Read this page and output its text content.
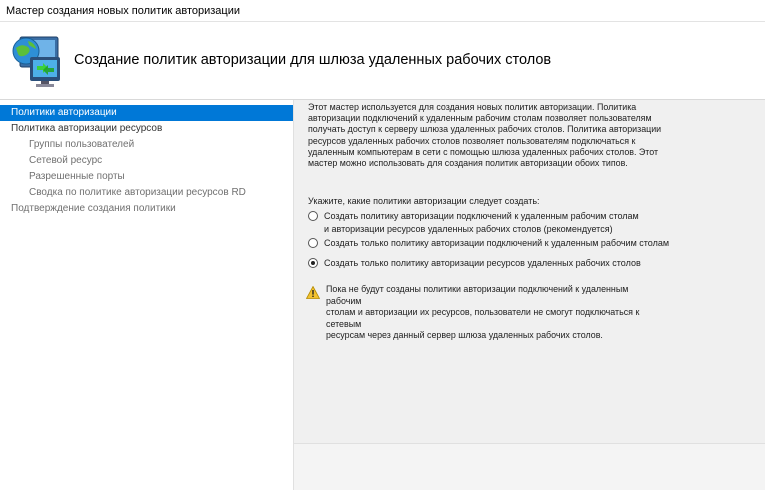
Мастер создания новых политик авторизации
Создание политик авторизации для шлюза удаленных рабочих столов
Политики авторизации
Политика авторизации ресурсов
Группы пользователей
Сетевой ресурс
Разрешенные порты
Сводка по политике авторизации ресурсов RD
Подтверждение создания политики
Этот мастер используется для создания новых политик авторизации. Политика
авторизации подключений к удаленным рабочим столам позволяет пользователям
получать доступ к серверу шлюза удаленных рабочих столов. Политика авторизации
ресурсов удаленных рабочих столов позволяет пользователям подключаться к
удаленным компьютерам в сети с помощью шлюза удаленных рабочих столов. Этот
мастер можно использовать для создания политик авторизации обоих типов.
Укажите, какие политики авторизации следует создать:
Создать политику авторизации подключений к удаленным рабочим столам
и авторизации ресурсов удаленных рабочих столов (рекомендуется)
Создать только политику авторизации подключений к удаленным рабочим столам
Создать только политику авторизации ресурсов удаленных рабочих столов
Пока не будут созданы политики авторизации подключений к удаленным рабочим
столам и авторизации их ресурсов, пользователи не смогут подключаться к сетевым
ресурсам через данный сервер шлюза удаленных рабочих столов.
